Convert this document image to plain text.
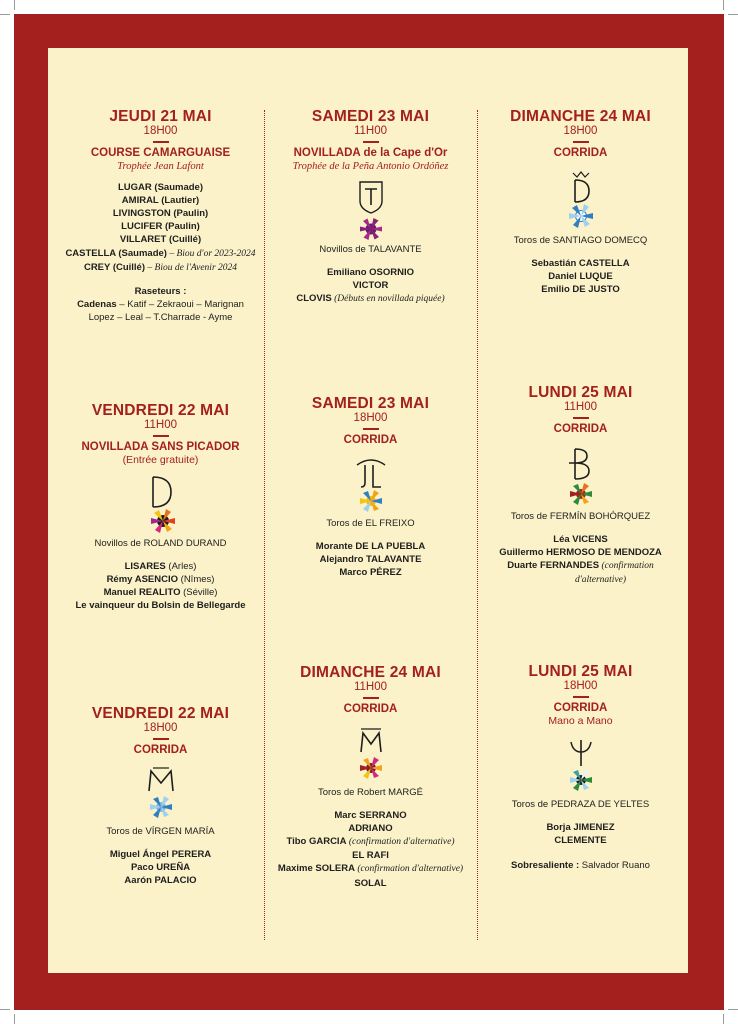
JEUDI 21 MAI
18H00
COURSE CAMARGUAISE
Trophée Jean Lafont
LUGAR (Saumade)
AMIRAL (Lautier)
LIVINGSTON (Paulin)
LUCIFER (Paulin)
VILLARET (Cuillé)
CASTELLA (Saumade) – Biou d'or 2023-2024
CREY (Cuillé) – Biou de l'Avenir 2024
Raseteurs :
Cadenas – Katif – Zekraoui – Marignan
Lopez – Leal – T.Charrade - Ayme
VENDREDI 22 MAI
11H00
NOVILLADA SANS PICADOR
(Entrée gratuite)
Novillos de ROLAND DURAND
LISARES (Arles)
Rémy ASENCIO (Nîmes)
Manuel REALITO (Séville)
Le vainqueur du Bolsin de Bellegarde
VENDREDI 22 MAI
18H00
CORRIDA
Toros de VÍRGEN MARÍA
Miguel Ángel PERERA
Paco UREÑA
Aarón PALACIO
SAMEDI 23 MAI
11H00
NOVILLADA de la Cape d'Or
Trophée de la Peña Antonio Ordóñez
Novillos de TALAVANTE
Emiliano OSORNIO
VICTOR
CLOVIS (Débuts en novillada piquée)
SAMEDI 23 MAI
18H00
CORRIDA
Toros de EL FREIXO
Morante DE LA PUEBLA
Alejandro TALAVANTE
Marco PÉREZ
DIMANCHE 24 MAI
11H00
CORRIDA
Toros de Robert MARGÉ
Marc SERRANO
ADRIANO
Tibo GARCIA (confirmation d'alternative)
EL RAFI
Maxime SOLERA (confirmation d'alternative)
SOLAL
DIMANCHE 24 MAI
18H00
CORRIDA
Toros de SANTIAGO DOMECQ
Sebastián CASTELLA
Daniel LUQUE
Emilio DE JUSTO
LUNDI 25 MAI
11H00
CORRIDA
Toros de FERMÍN BOHÓRQUEZ
Léa VICENS
Guillermo HERMOSO DE MENDOZA
Duarte FERNANDES (confirmation
d'alternative)
LUNDI 25 MAI
18H00
CORRIDA
Mano a Mano
Toros de PEDRAZA DE YELTES
Borja JIMENEZ
CLEMENTE
Sobresaliente : Salvador Ruano
